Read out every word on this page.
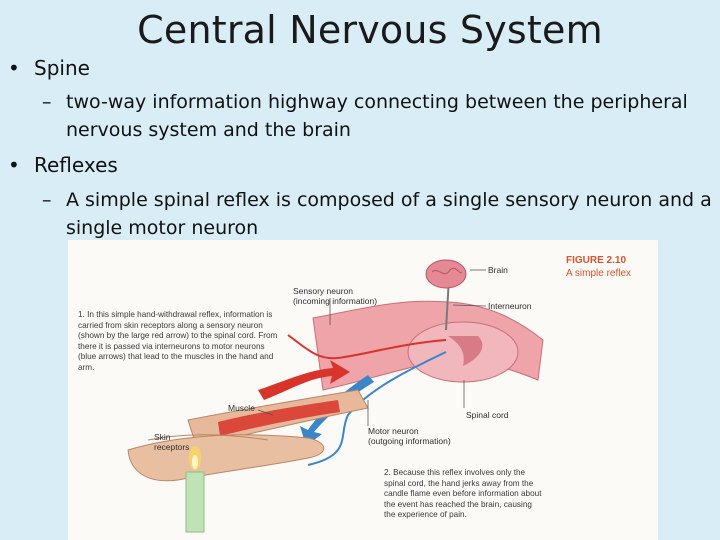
Central Nervous System
• Spine
– two-way information highway connecting between the peripheral nervous system and the brain
• Reflexes
– A simple spinal reflex is composed of a single sensory neuron and a single motor neuron
FIGURE 2.10
A simple reflex
1. In this simple hand-withdrawal reflex, information is carried from skin receptors along a sensory neuron (shown by the large red arrow) to the spinal cord. From there it is passed via interneurons to motor neurons (blue arrows) that lead to the muscles in the hand and arm.
2. Because this reflex involves only the spinal cord, the hand jerks away from the candle flame even before information about the event has reached the brain, causing the experience of pain.
Brain
Sensory neuron
(incoming information)	Interneuron
Muscle
Skin receptors
Motor neuron
(outgoing information)
Spinal cord
